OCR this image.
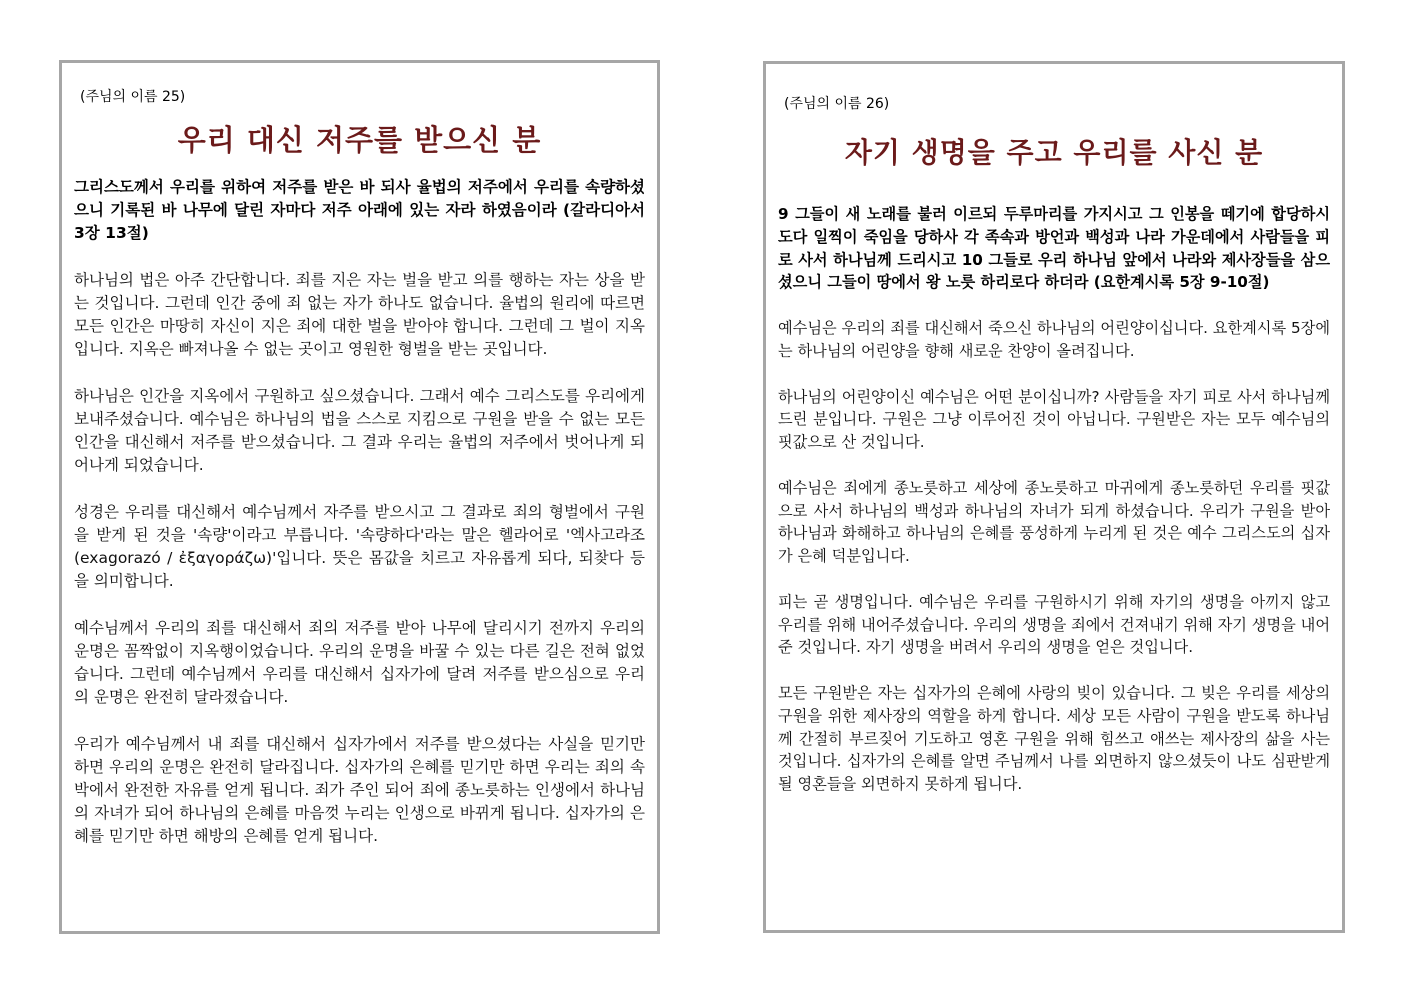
(주님의 이름 25)

우리 대신 저주를 받으신 분

그리스도께서 우리를 위하여 저주를 받은 바 되사 율법의 저주에서 우리를 속량하셨으니 기록된 바 나무에 달린 자마다 저주 아래에 있는 자라 하였음이라 (갈라디아서 3장 13절)

하나님의 법은 아주 간단합니다. 죄를 지은 자는 벌을 받고 의를 행하는 자는 상을 받는 것입니다. 그런데 인간 중에 죄 없는 자가 하나도 없습니다. 율법의 원리에 따르면 모든 인간은 마땅히 자신이 지은 죄에 대한 벌을 받아야 합니다. 그런데 그 벌이 지옥입니다. 지옥은 빠져나올 수 없는 곳이고 영원한 형벌을 받는 곳입니다.

하나님은 인간을 지옥에서 구원하고 싶으셨습니다. 그래서 예수 그리스도를 우리에게 보내주셨습니다. 예수님은 하나님의 법을 스스로 지킴으로 구원을 받을 수 없는 모든 인간을 대신해서 저주를 받으셨습니다. 그 결과 우리는 율법의 저주에서 벗어나게 되어나게 되었습니다.

성경은 우리를 대신해서 예수님께서 자주를 받으시고 그 결과로 죄의 형벌에서 구원을 받게 된 것을 '속량'이라고 부릅니다. '속량하다'라는 말은 헬라어로 '엑사고라조(exagorazó / ἐξαγοράζω)'입니다. 뜻은 몸값을 치르고 자유롭게 되다, 되찾다 등을 의미합니다.

예수님께서 우리의 죄를 대신해서 죄의 저주를 받아 나무에 달리시기 전까지 우리의 운명은 꼼짝없이 지옥행이었습니다. 우리의 운명을 바꿀 수 있는 다른 길은 전혀 없었습니다. 그런데 예수님께서 우리를 대신해서 십자가에 달려 저주를 받으심으로 우리의 운명은 완전히 달라졌습니다.

우리가 예수님께서 내 죄를 대신해서 십자가에서 저주를 받으셨다는 사실을 믿기만 하면 우리의 운명은 완전히 달라집니다. 십자가의 은혜를 믿기만 하면 우리는 죄의 속박에서 완전한 자유를 얻게 됩니다. 죄가 주인 되어 죄에 종노릇하는 인생에서 하나님의 자녀가 되어 하나님의 은혜를 마음껏 누리는 인생으로 바뀌게 됩니다. 십자가의 은혜를 믿기만 하면 해방의 은혜를 얻게 됩니다.

(주님의 이름 26)

자기 생명을 주고 우리를 사신 분

9 그들이 새 노래를 불러 이르되 두루마리를 가지시고 그 인봉을 떼기에 합당하시도다 일찍이 죽임을 당하사 각 족속과 방언과 백성과 나라 가운데에서 사람들을 피로 사서 하나님께 드리시고 10 그들로 우리 하나님 앞에서 나라와 제사장들을 삼으셨으니 그들이 땅에서 왕 노릇 하리로다 하더라 (요한계시록 5장 9-10절)

예수님은 우리의 죄를 대신해서 죽으신 하나님의 어린양이십니다. 요한계시록 5장에는 하나님의 어린양을 향해 새로운 찬양이 올려집니다.

하나님의 어린양이신 예수님은 어떤 분이십니까? 사람들을 자기 피로 사서 하나님께 드린 분입니다. 구원은 그냥 이루어진 것이 아닙니다. 구원받은 자는 모두 예수님의 핏값으로 산 것입니다.

예수님은 죄에게 종노릇하고 세상에 종노릇하고 마귀에게 종노릇하던 우리를 핏값으로 사서 하나님의 백성과 하나님의 자녀가 되게 하셨습니다. 우리가 구원을 받아 하나님과 화해하고 하나님의 은혜를 풍성하게 누리게 된 것은 예수 그리스도의 십자가 은혜 덕분입니다.

피는 곧 생명입니다. 예수님은 우리를 구원하시기 위해 자기의 생명을 아끼지 않고 우리를 위해 내어주셨습니다. 우리의 생명을 죄에서 건져내기 위해 자기 생명을 내어준 것입니다. 자기 생명을 버려서 우리의 생명을 얻은 것입니다.

모든 구원받은 자는 십자가의 은혜에 사랑의 빚이 있습니다. 그 빚은 우리를 세상의 구원을 위한 제사장의 역할을 하게 합니다. 세상 모든 사람이 구원을 받도록 하나님께 간절히 부르짖어 기도하고 영혼 구원을 위해 힘쓰고 애쓰는 제사장의 삶을 사는 것입니다. 십자가의 은혜를 알면 주님께서 나를 외면하지 않으셨듯이 나도 심판받게 될 영혼들을 외면하지 못하게 됩니다.
